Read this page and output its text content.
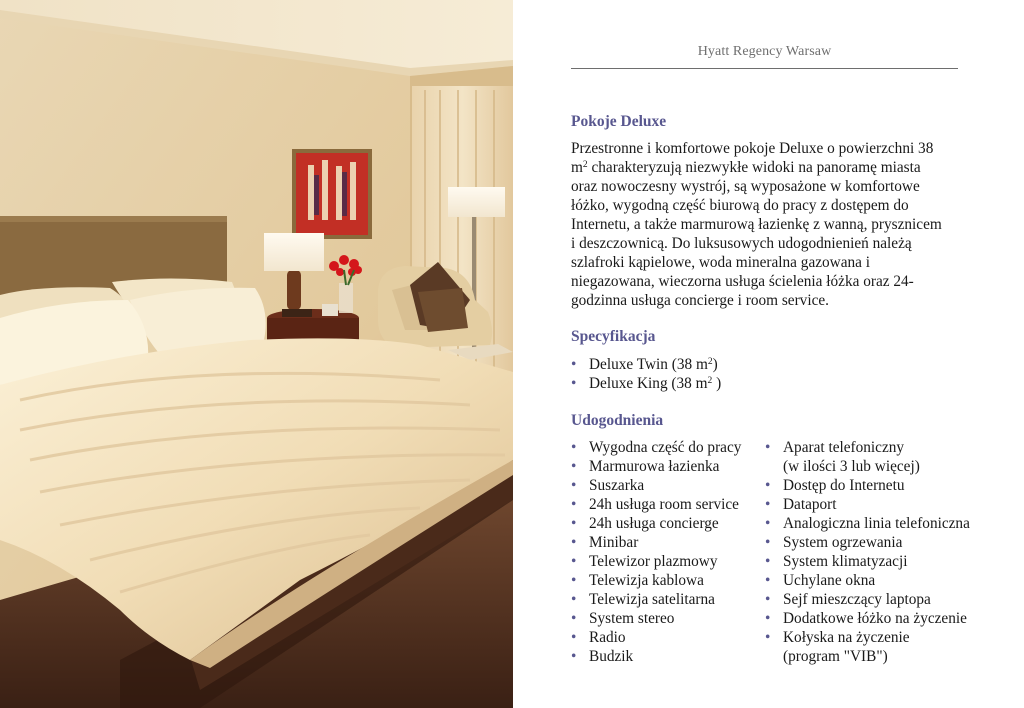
Hyatt Regency Warsaw
Pokoje Deluxe
Przestronne i komfortowe pokoje Deluxe o powierzchni 38
$m^2$ charakteryzują niezwykłe widoki na panoramę miasta
oraz nowoczesny wystrój, są wyposażone w komfortowe
łóżko, wygodną część biurową do pracy z dostępem do
Internetu, a także marmurową łazienkę z wanną, prysznicem
i deszczownicą. Do luksusowych udogodnienień należą
szlafroki kąpielowe, woda mineralna gazowana i
niegazowana, wieczorna usługa ścielenia łóżka oraz 24-
godzinna usługa concierge i room service.
Specyfikacja
• Deluxe Twin (38 $m^2$)
• Deluxe King (38 $m^2$ )
Udogodnienia
• Wygodna część do pracy
• Marmurowa łazienka
• Suszarka
• 24h usługa room service
• 24h usługa concierge
• Minibar
• Telewizor plazmowy
• Telewizja kablowa
• Telewizja satelitarna
• System stereo
• Radio
• Budzik
• Aparat telefoniczny
(w ilości 3 lub więcej)
• Dostęp do Internetu
• Dataport
• Analogiczna linia telefoniczna
• System ogrzewania
• System klimatyzacji
• Uchylane okna
• Sejf mieszczący laptopa
• Dodatkowe łóżko na życzenie
• Kołyska na życzenie
(program "VIB")
